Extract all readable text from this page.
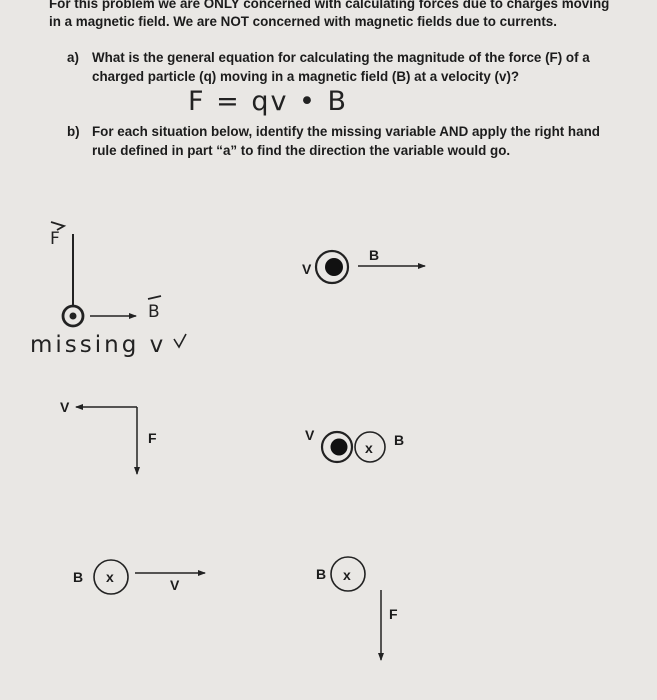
For this problem we are ONLY concerned with calculating forces due to charges moving
in a magnetic field. We are NOT concerned with magnetic fields due to currents.
a) What is the general equation for calculating the magnitude of the force (F) of a
charged particle (q) moving in a magnetic field (B) at a velocity (v)?
F = qv • B
b) For each situation below, identify the missing variable AND apply the right hand
rule defined in part “a” to find the direction the variable would go.
F
B
missing v
V
B
V
F	V
x B
B x	V
B x
F
